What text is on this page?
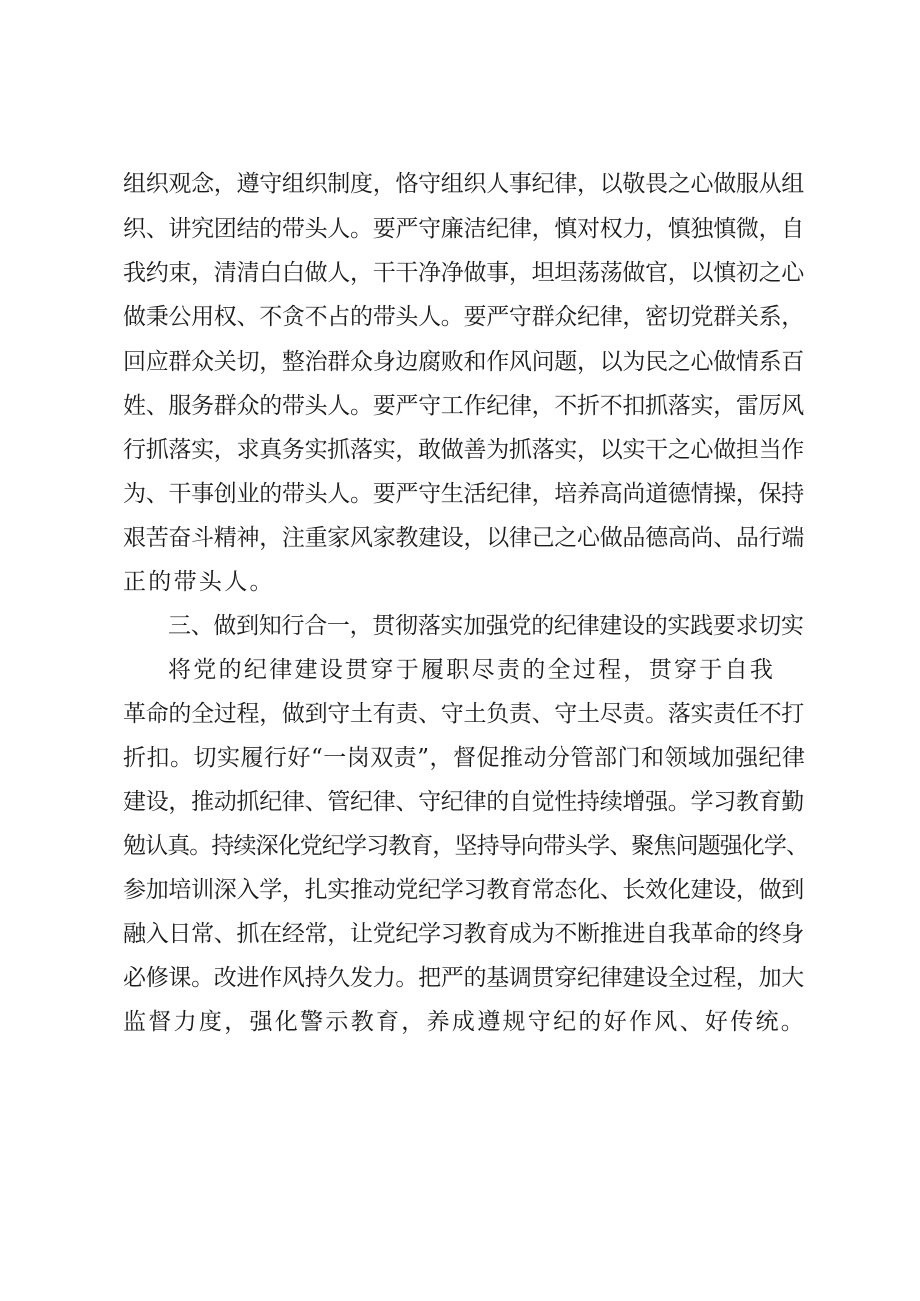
组织观念，遵守组织制度，恪守组织人事纪律，以敬畏之心做服从组
织、讲究团结的带头人。要严守廉洁纪律，慎对权力，慎独慎微，自
我约束，清清白白做人，干干净净做事，坦坦荡荡做官，以慎初之心
做秉公用权、不贪不占的带头人。要严守群众纪律，密切党群关系，
回应群众关切，整治群众身边腐败和作风问题，以为民之心做情系百
姓、服务群众的带头人。要严守工作纪律，不折不扣抓落实，雷厉风
行抓落实，求真务实抓落实，敢做善为抓落实，以实干之心做担当作
为、干事创业的带头人。要严守生活纪律，培养高尚道德情操，保持
艰苦奋斗精神，注重家风家教建设，以律己之心做品德高尚、品行端
正的带头人。
三、做到知行合一，贯彻落实加强党的纪律建设的实践要求切实
将党的纪律建设贯穿于履职尽责的全过程，贯穿于自我
革命的全过程，做到守土有责、守土负责、守土尽责。落实责任不打
折扣。切实履行好“一岗双责”，督促推动分管部门和领域加强纪律
建设，推动抓纪律、管纪律、守纪律的自觉性持续增强。学习教育勤
勉认真。持续深化党纪学习教育，坚持导向带头学、聚焦问题强化学、
参加培训深入学，扎实推动党纪学习教育常态化、长效化建设，做到
融入日常、抓在经常，让党纪学习教育成为不断推进自我革命的终身
必修课。改进作风持久发力。把严的基调贯穿纪律建设全过程，加大
监督力度，强化警示教育，养成遵规守纪的好作风、好传统。
